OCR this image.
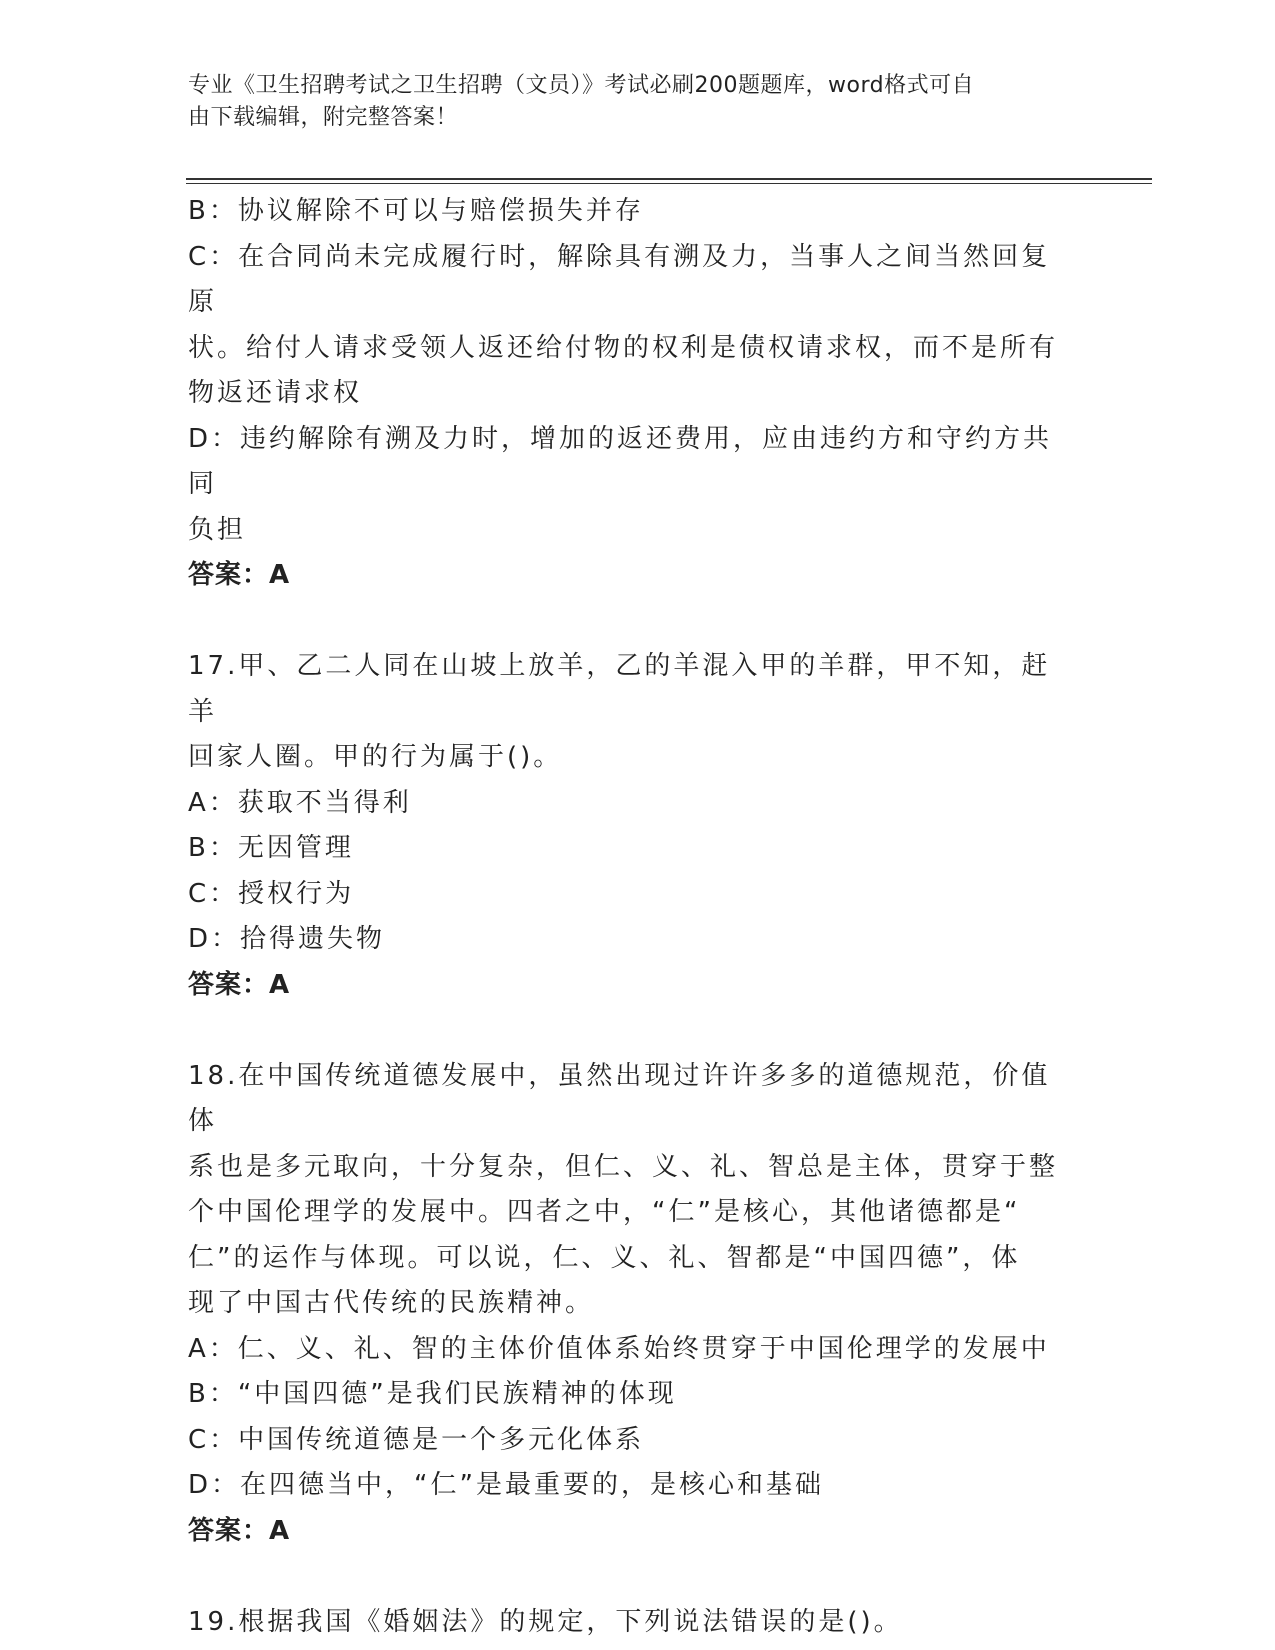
专业《卫生招聘考试之卫生招聘（文员）》考试必刷200题题库，word格式可自
由下载编辑，附完整答案！

B：协议解除不可以与赔偿损失并存

C：在合同尚未完成履行时，解除具有溯及力，当事人之间当然回复原

状。给付人请求受领人返还给付物的权利是债权请求权，而不是所有

物返还请求权

D：违约解除有溯及力时，增加的返还费用，应由违约方和守约方共同

负担

答案：A

17.甲、乙二人同在山坡上放羊，乙的羊混入甲的羊群，甲不知，赶羊

回家人圈。甲的行为属于()。

A：获取不当得利

B：无因管理

C：授权行为

D：拾得遗失物

答案：A

18.在中国传统道德发展中，虽然出现过许许多多的道德规范，价值体

系也是多元取向，十分复杂，但仁、义、礼、智总是主体，贯穿于整

个中国伦理学的发展中。四者之中，“仁”是核心，其他诸德都是“

仁”的运作与体现。可以说，仁、义、礼、智都是“中国四德”，体

现了中国古代传统的民族精神。

A：仁、义、礼、智的主体价值体系始终贯穿于中国伦理学的发展中

B：“中国四德”是我们民族精神的体现

C：中国传统道德是一个多元化体系

D：在四德当中，“仁”是最重要的，是核心和基础

答案：A

19.根据我国《婚姻法》的规定，下列说法错误的是()。
